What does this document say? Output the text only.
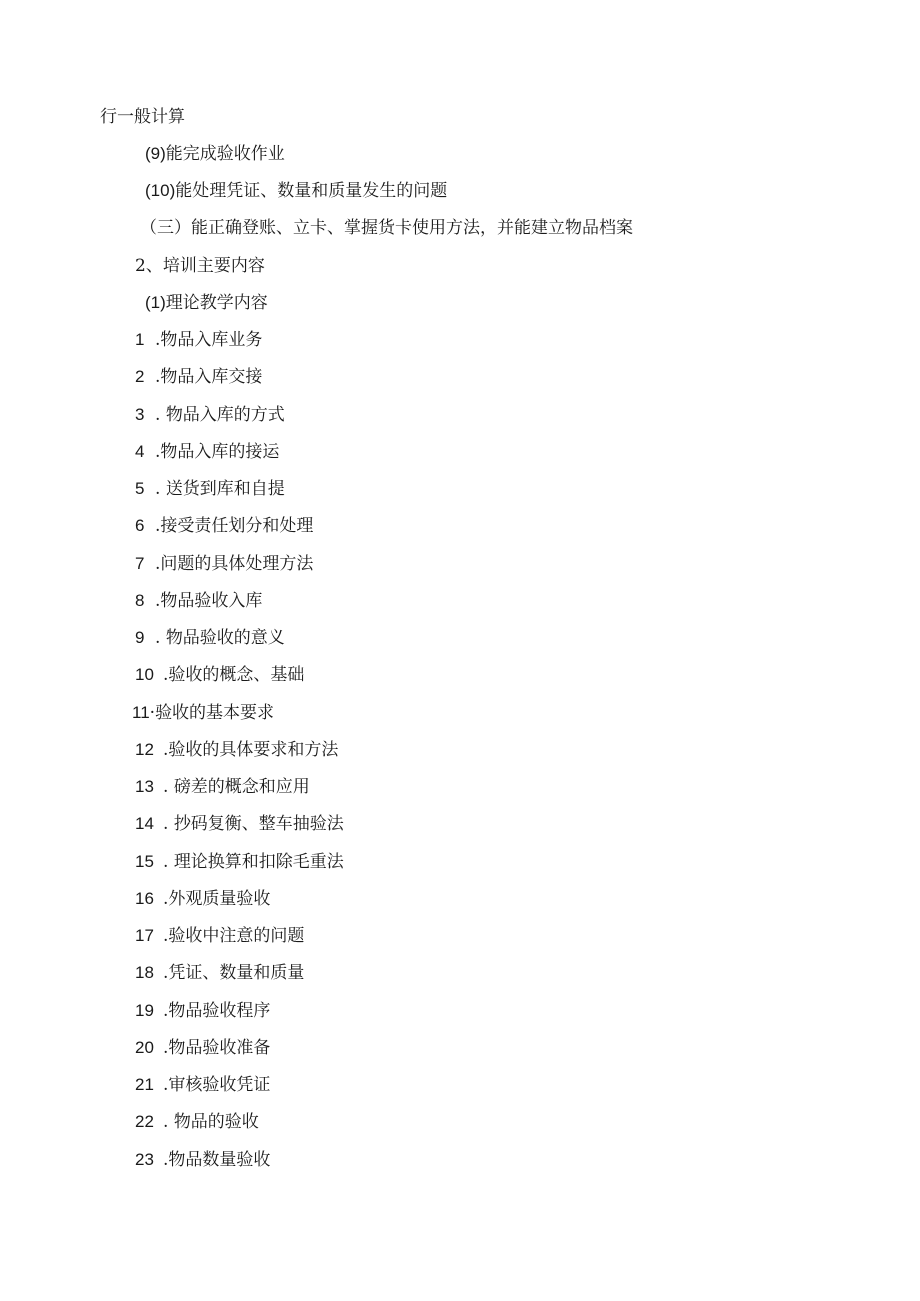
行一般计算
(9)能完成验收作业
(10)能处理凭证、数量和质量发生的问题
（三）能正确登账、立卡、掌握货卡使用方法，并能建立物品档案
2、培训主要内容
(1)理论教学内容
1 .物品入库业务
2 .物品入库交接
3 . 物品入库的方式
4 .物品入库的接运
5 . 送货到库和自提
6 .接受责任划分和处理
7 .问题的具体处理方法
8 .物品验收入库
9 . 物品验收的意义
10 .验收的概念、基础
11·验收的基本要求
12 .验收的具体要求和方法
13 . 磅差的概念和应用
14 . 抄码复衡、整车抽验法
15 . 理论换算和扣除毛重法
16 .外观质量验收
17 .验收中注意的问题
18 .凭证、数量和质量
19 .物品验收程序
20 .物品验收准备
21 .审核验收凭证
22 . 物品的验收
23 .物品数量验收
